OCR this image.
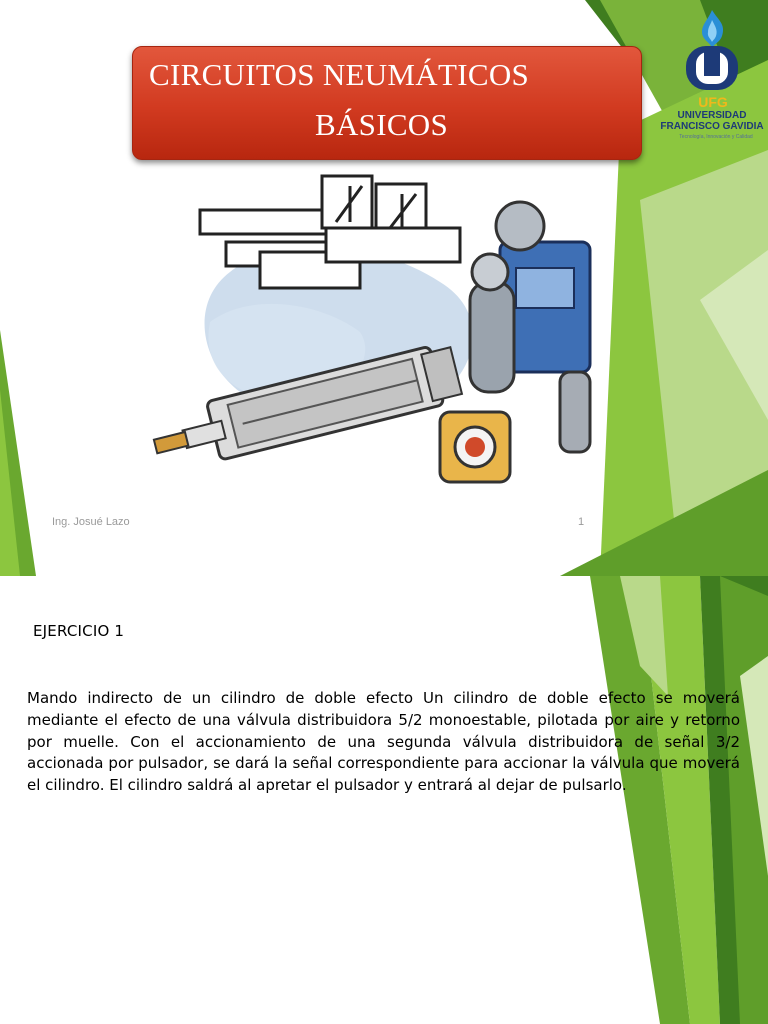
CIRCUITOS NEUMÁTICOS
BÁSICOS
UFG
UNIVERSIDAD
FRANCISCO GAVIDIA
Tecnología, Innovación y Calidad
Ing. Josué Lazo	1
EJERCICIO 1

Mando indirecto de un cilindro de doble efecto Un cilindro de doble efecto se moverá mediante el efecto de una válvula distribuidora 5/2 monoestable, pilotada por aire y retorno por muelle. Con el accionamiento de una segunda válvula distribuidora de señal 3/2 accionada por pulsador, se dará la señal correspondiente para accionar la válvula que moverá el cilindro. El cilindro saldrá al apretar el pulsador y entrará al dejar de pulsarlo.
